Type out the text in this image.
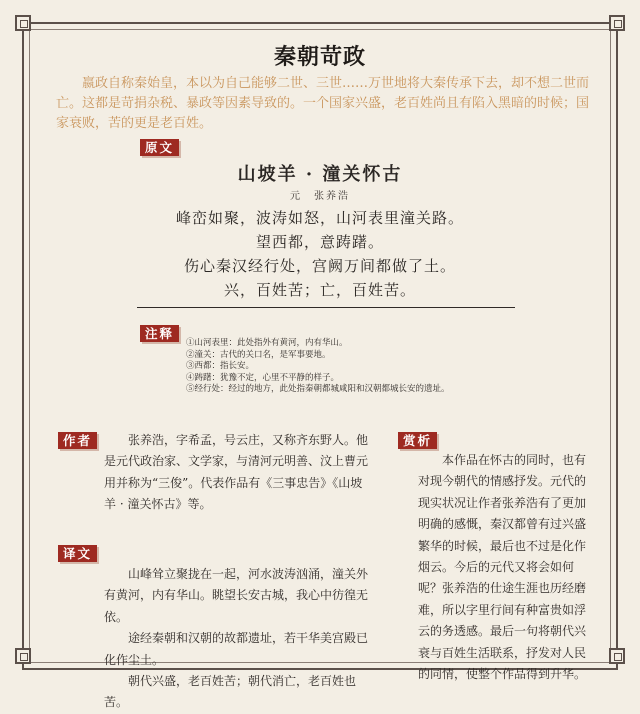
秦朝苛政
嬴政自称秦始皇，本以为自己能够二世、三世……万世地将大秦传承下去，却不想二世而亡。这都是苛捐杂税、暴政等因素导致的。一个国家兴盛，老百姓尚且有陷入黑暗的时候；国家衰败，苦的更是老百姓。
原文
山坡羊 · 潼关怀古
元　张养浩
峰峦如聚，波涛如怒，山河表里潼关路。
望西都，意踌躇。
伤心秦汉经行处，宫阙万间都做了土。
兴，百姓苦；亡，百姓苦。
注释
①山河表里：此处指外有黄河，内有华山。
②潼关：古代的关口名，是军事要地。
③西都：指长安。
④踌躇：犹豫不定，心里不平静的样子。
⑤经行处：经过的地方，此处指秦朝都城咸阳和汉朝都城长安的遗址。
作者	张养浩，字希孟，号云庄，又称齐东野人。他是元代政治家、文学家，与清河元明善、汶上曹元用并称为“三俊”。代表作品有《三事忠告》《山坡羊 · 潼关怀古》等。
译文
山峰耸立聚拢在一起，河水波涛汹涌，潼关外有黄河，内有华山。眺望长安古城，我心中彷徨无依。
途经秦朝和汉朝的故都遗址，若干华美宫殿已化作尘土。
朝代兴盛，老百姓苦；朝代消亡，老百姓也苦。
赏析
本作品在怀古的同时，也有对现今朝代的情感抒发。元代的现实状况让作者张养浩有了更加明确的感慨，秦汉都曾有过兴盛繁华的时候，最后也不过是化作烟云。今后的元代又将会如何呢？张养浩的仕途生涯也历经磨难，所以字里行间有种富贵如浮云的务透感。最后一句将朝代兴衰与百姓生活联系，抒发对人民的同情，使整个作品得到升华。
